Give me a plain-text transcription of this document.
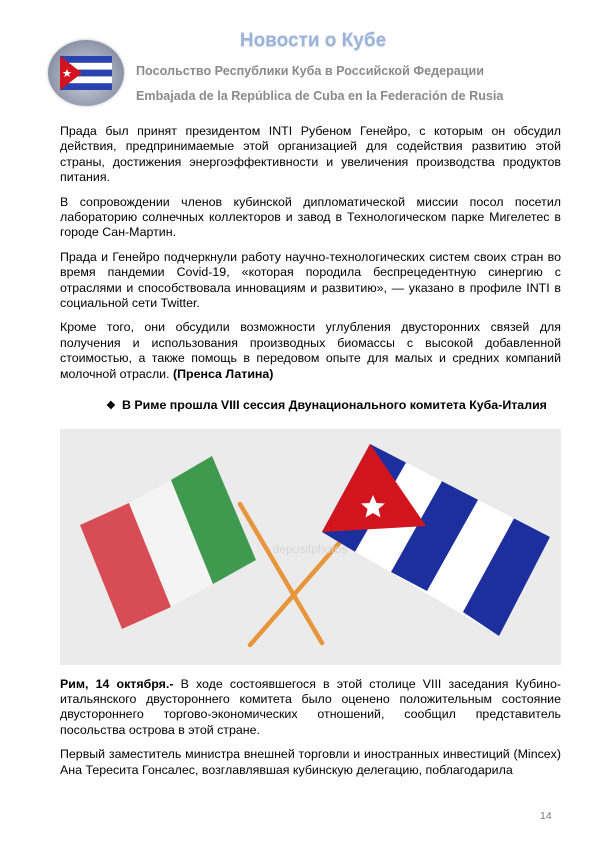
Новости о Кубе
Посольство Республики Куба в Российской Федерации
Embajada de la República de Cuba en la Federación de Rusia

Прада был принят президентом INTI Рубеном Генейро, с которым он обсудил действия, предпринимаемые этой организацией для содействия развитию этой страны, достижения энергоэффективности и увеличения производства продуктов питания.

В сопровождении членов кубинской дипломатической миссии посол посетил лабораторию солнечных коллекторов и завод в Технологическом парке Мигелетес в городе Сан-Мартин.

Прада и Генейро подчеркнули работу научно-технологических систем своих стран во время пандемии Covid-19, «которая породила беспрецедентную синергию с отраслями и способствовала инновациям и развитию», — указано в профиле INTI в социальной сети Twitter.

Кроме того, они обсудили возможности углубления двусторонних связей для получения и использования производных биомассы с высокой добавленной стоимостью, а также помощь в передовом опыте для малых и средних компаний молочной отрасли. (Пренса Латина)

❖ В Риме прошла VIII сессия Двунационального комитета Куба-Италия
depositphotos

Рим, 14 октября.- В ходе состоявшегося в этой столице VIII заседания Кубино-итальянского двустороннего комитета было оценено положительным состояние двустороннего торгово-экономических отношений, сообщил представитель посольства острова в этой стране.

Первый заместитель министра внешней торговли и иностранных инвестиций (Mincex) Ана Тересита Гонсалес, возглавлявшая кубинскую делегацию, поблагодарила

14
